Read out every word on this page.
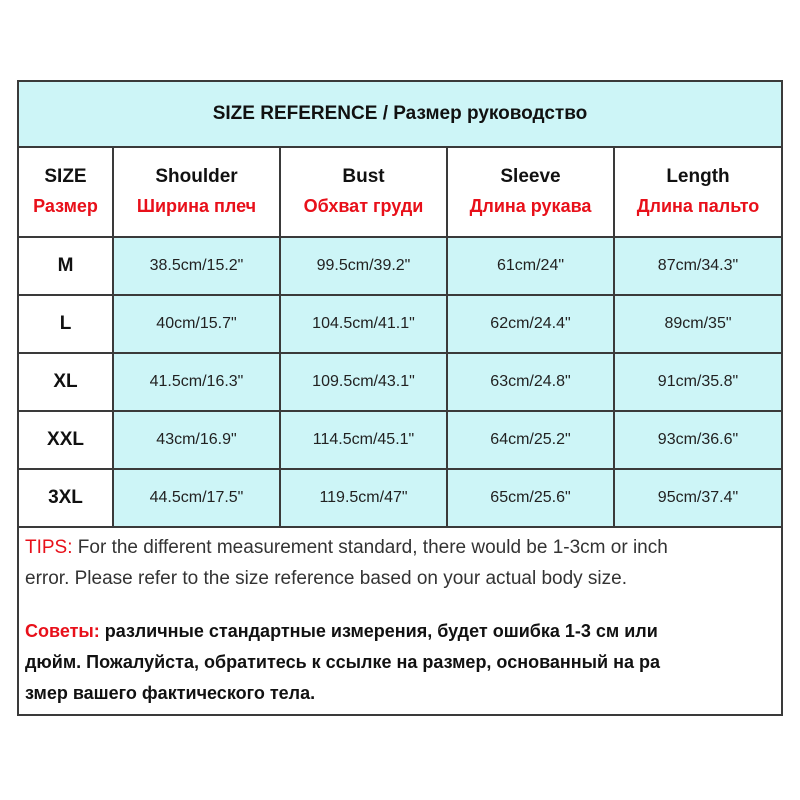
SIZE REFERENCE / Размер руководство
SIZE	Shoulder	Bust	Sleeve	Length
Размер	Ширина плеч	Обхват груди	Длина рукава	Длина пальто
M	38.5cm/15.2"	99.5cm/39.2"	61cm/24"	87cm/34.3"
L	40cm/15.7"	104.5cm/41.1"	62cm/24.4"	89cm/35"
XL	41.5cm/16.3"	109.5cm/43.1"	63cm/24.8"	91cm/35.8"
XXL	43cm/16.9"	114.5cm/45.1"	64cm/25.2"	93cm/36.6"
3XL	44.5cm/17.5"	119.5cm/47"	65cm/25.6"	95cm/37.4"
TIPS: For the different measurement standard, there would be 1-3cm or inch
error. Please refer to the size reference based on your actual body size.
Советы: различные стандартные измерения, будет ошибка 1-3 см или
дюйм. Пожалуйста, обратитесь к ссылке на размер, основанный на ра
змер вашего фактического тела.
